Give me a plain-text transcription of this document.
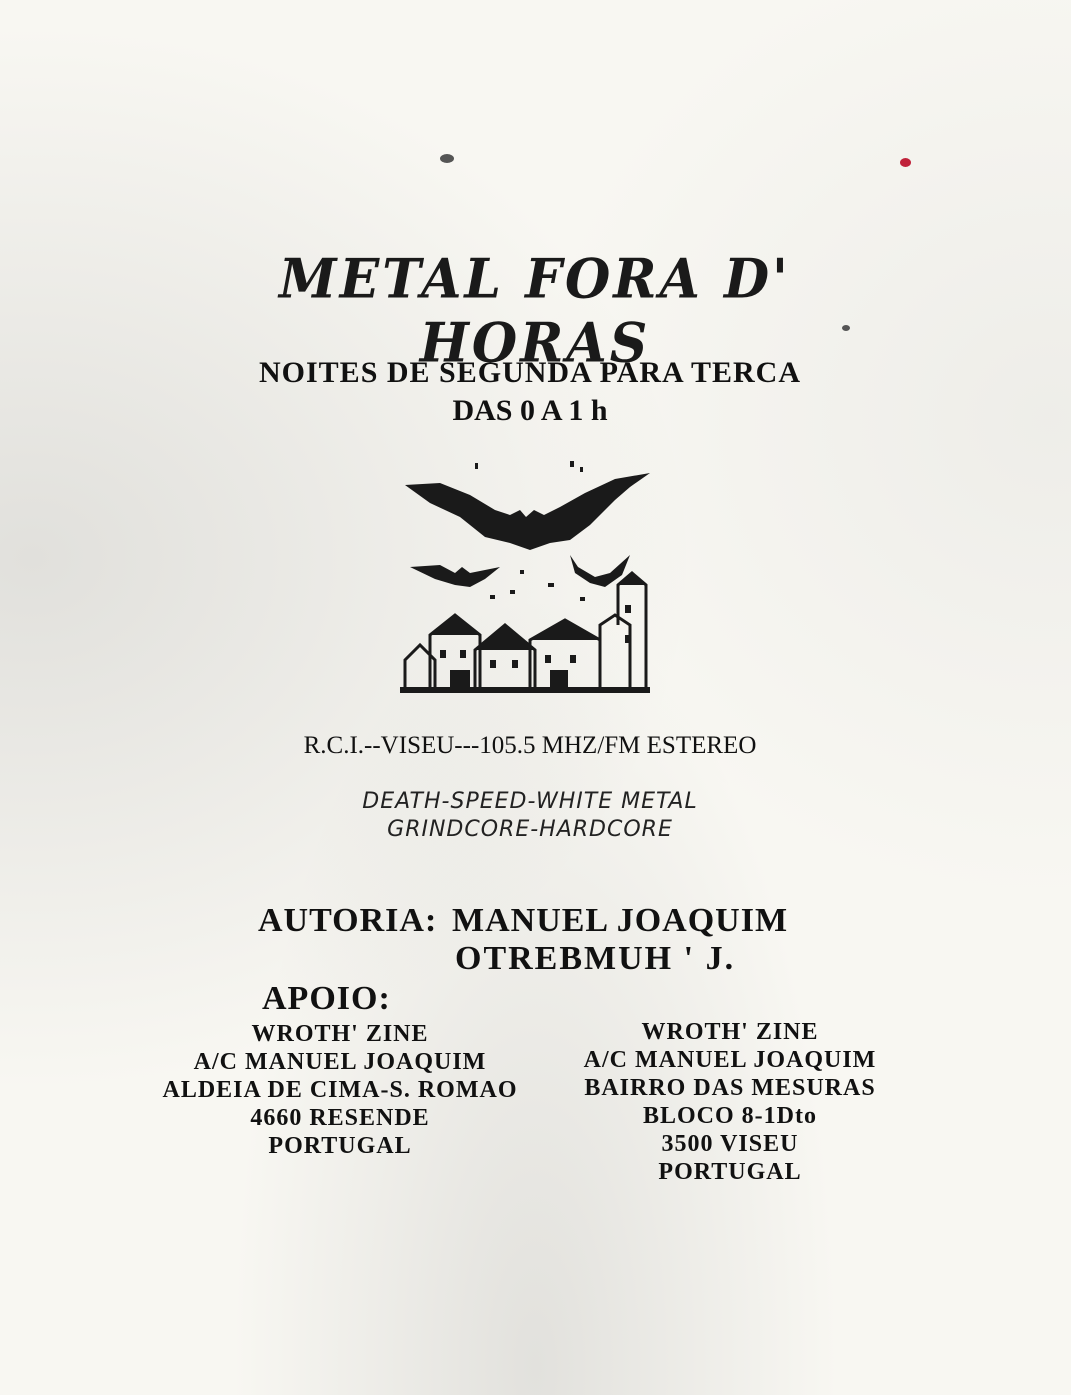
METAL FORA D' HORAS
NOITES DE SEGUNDA PARA TERCA
DAS 0 A 1 h
R.C.I.--VISEU---105.5 MHZ/FM ESTEREO
DEATH-SPEED-WHITE METAL
GRINDCORE-HARDCORE
AUTORIA: MANUEL JOAQUIM
OTREBMUH ' J.
APOIO:
WROTH' ZINE
A/C MANUEL JOAQUIM
ALDEIA DE CIMA-S. ROMAO
4660 RESENDE
PORTUGAL
WROTH' ZINE
A/C MANUEL JOAQUIM
BAIRRO DAS MESURAS
BLOCO 8-1Dto
3500 VISEU
PORTUGAL
